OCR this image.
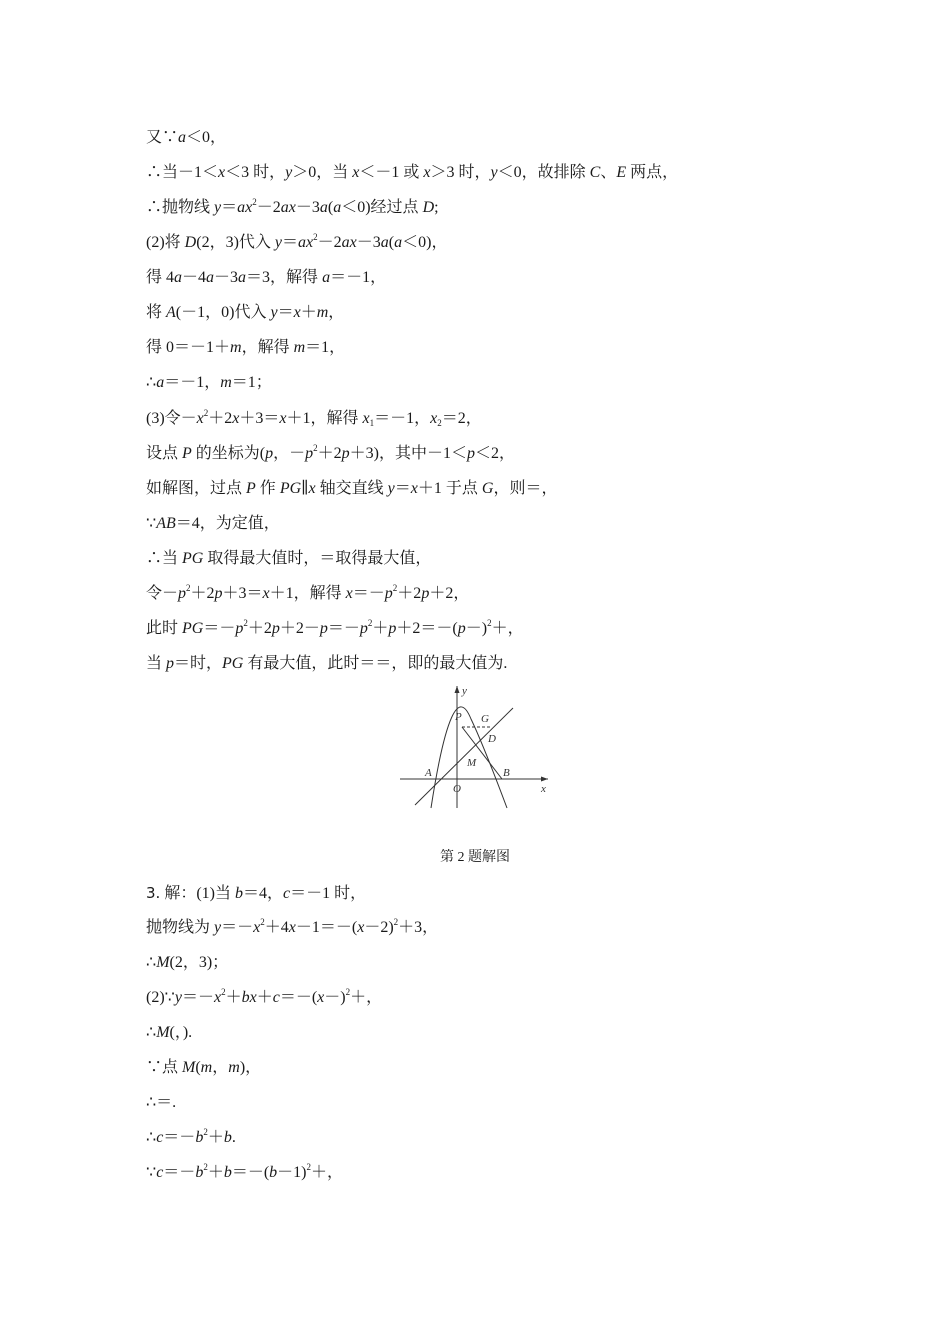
又∵a＜0，
∴当－1＜x＜3 时，y＞0，当 x＜－1 或 x＞3 时，y＜0，故排除 C、E 两点，
∴抛物线 $y=ax^2-2ax-3a(a<0)$经过点 D;
(2)将 D(2，3)代入 $y=ax^2-2ax-3a(a<0)$，
得 4a－4a－3a＝3，解得 a＝－1，
将 A(－1，0)代入 y＝x＋m，
得 0＝－1＋m，解得 m＝1，
∴a＝－1，m＝1；
(3)令$-x^2+2x+3=x+1$，解得 $x_1=-1$，$x_2=2$，
设点 P 的坐标为(p，$-p^2+2p+3$)，其中－1＜p＜2，
如解图，过点 P 作 PG∥x 轴交直线 y＝x＋1 于点 G，则＝，
∵AB＝4，为定值，
∴当 PG 取得最大值时，＝取得最大值，
令$-p^2+2p+3=x+1$，解得 $x=-p^2+2p+2$，
此时 $PG=-p^2+2p+2-p=-p^2+p+2=-(p-)^2+$，
当 p＝时，PG 有最大值，此时＝＝，即的最大值为.
y
P G
D
M
A	B
O	x
第 2 题解图
3. 解：(1)当 b＝4，c＝－1 时，
抛物线为 $y=-x^2+4x-1=-(x-2)^2+3$，
∴M(2，3)；
$(2)\because y=-x^2+bx+c=-(x-)^2+$，
∴M(，).
∵点 M(m，m)，
∴＝.
$\therefore c=-b^2+b$.
$\because c=-b^2+b=-(b-1)^2+$，
